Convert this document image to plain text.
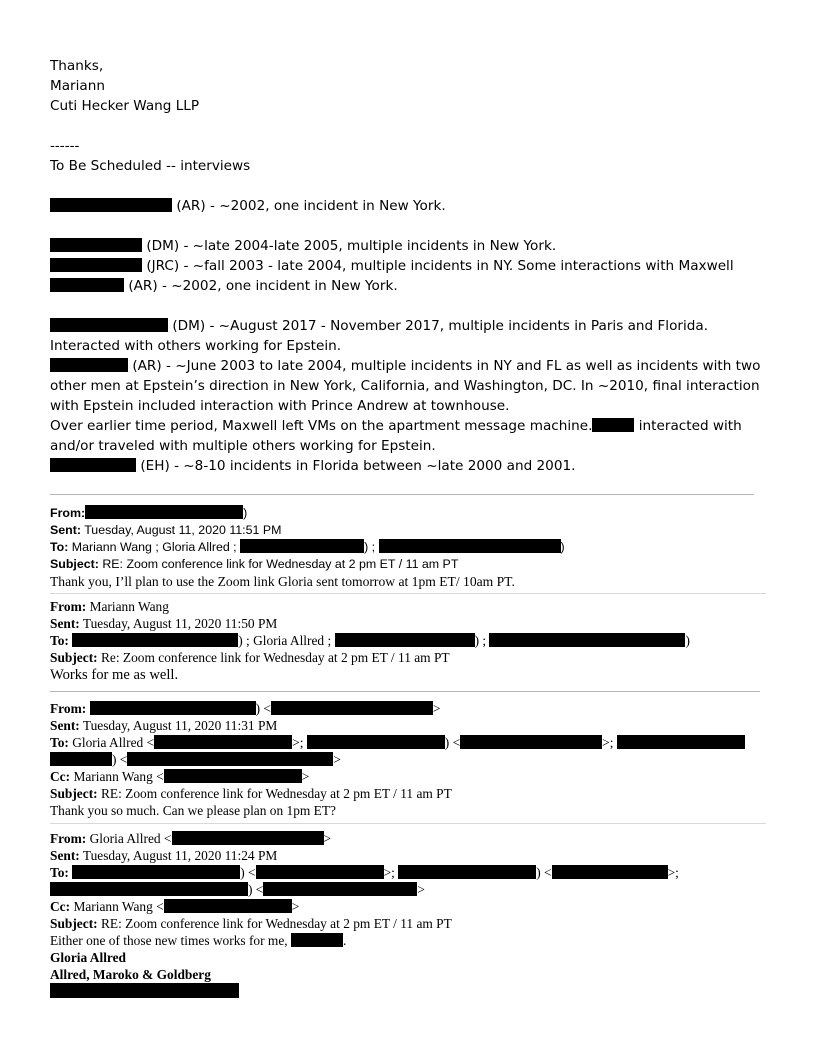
Thanks,
Mariann
Cuti Hecker Wang LLP
------
To Be Scheduled -- interviews
(AR) - ~2002, one incident in New York.
(DM) - ~late 2004-late 2005, multiple incidents in New York.
(JRC) - ~fall 2003 - late 2004, multiple incidents in NY. Some interactions with Maxwell
(AR) - ~2002, one incident in New York.
(DM) - ~August 2017 - November 2017, multiple incidents in Paris and Florida. Interacted with others working for Epstein.
(AR) - ~June 2003 to late 2004, multiple incidents in NY and FL as well as incidents with two other men at Epstein’s direction in New York, California, and Washington, DC. In ~2010, final interaction with Epstein included interaction with Prince Andrew at townhouse.
Over earlier time period, Maxwell left VMs on the apartment message machine.	interacted with and/or traveled with multiple others working for Epstein.
(EH) - ~8-10 incidents in Florida between ~late 2000 and 2001.
From:	)
Sent: Tuesday, August 11, 2020 11:51 PM
To: Mariann Wang ; Gloria Allred ;	) ;	)
Subject: RE: Zoom conference link for Wednesday at 2 pm ET / 11 am PT
Thank you, I’ll plan to use the Zoom link Gloria sent tomorrow at 1pm ET/ 10am PT.
From: Mariann Wang
Sent: Tuesday, August 11, 2020 11:50 PM
To:	) ; Gloria Allred ;	) ;	)
Subject: Re: Zoom conference link for Wednesday at 2 pm ET / 11 am PT
Works for me as well.
From:	) <	>
Sent: Tuesday, August 11, 2020 11:31 PM
To: Gloria Allred <	>;	) <	>;
) <	>
Cc: Mariann Wang <	>
Subject: RE: Zoom conference link for Wednesday at 2 pm ET / 11 am PT
Thank you so much. Can we please plan on 1pm ET?
From: Gloria Allred <	>
Sent: Tuesday, August 11, 2020 11:24 PM
To:	) <	>;	) <	>;
) <	>
Cc: Mariann Wang <	>
Subject: RE: Zoom conference link for Wednesday at 2 pm ET / 11 am PT
Either one of those new times works for me,	.
Gloria Allred
Allred, Maroko & Goldberg
